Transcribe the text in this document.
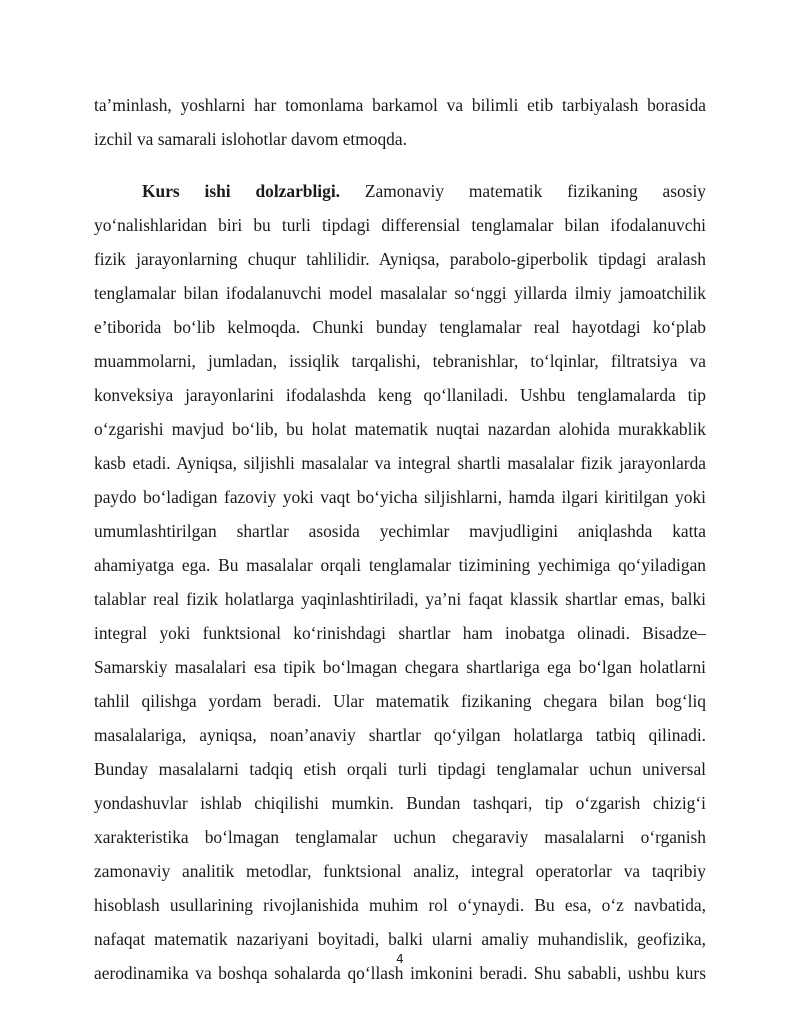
ta’minlash, yoshlarni har tomonlama barkamol va bilimli etib tarbiyalash borasida
izchil va samarali islohotlar davom etmoqda.
Kurs ishi dolzarbligi. Zamonaviy matematik fizikaning asosiy
yo‘nalishlaridan biri bu turli tipdagi differensial tenglamalar bilan ifodalanuvchi
fizik jarayonlarning chuqur tahlilidir. Ayniqsa, parabolo-giperbolik tipdagi aralash
tenglamalar bilan ifodalanuvchi model masalalar so‘nggi yillarda ilmiy jamoatchilik
e’tiborida bo‘lib kelmoqda. Chunki bunday tenglamalar real hayotdagi ko‘plab
muammolarni, jumladan, issiqlik tarqalishi, tebranishlar, to‘lqinlar, filtratsiya va
konveksiya jarayonlarini ifodalashda keng qo‘llaniladi. Ushbu tenglamalarda tip
o‘zgarishi mavjud bo‘lib, bu holat matematik nuqtai nazardan alohida murakkablik
kasb etadi. Ayniqsa, siljishli masalalar va integral shartli masalalar fizik jarayonlarda
paydo bo‘ladigan fazoviy yoki vaqt bo‘yicha siljishlarni, hamda ilgari kiritilgan yoki
umumlashtirilgan shartlar asosida yechimlar mavjudligini aniqlashda katta
ahamiyatga ega. Bu masalalar orqali tenglamalar tizimining yechimiga qo‘yiladigan
talablar real fizik holatlarga yaqinlashtiriladi, ya’ni faqat klassik shartlar emas, balki
integral yoki funktsional ko‘rinishdagi shartlar ham inobatga olinadi. Bisadze–
Samarskiy masalalari esa tipik bo‘lmagan chegara shartlariga ega bo‘lgan holatlarni
tahlil qilishga yordam beradi. Ular matematik fizikaning chegara bilan bog‘liq
masalalariga, ayniqsa, noan’anaviy shartlar qo‘yilgan holatlarga tatbiq qilinadi.
Bunday masalalarni tadqiq etish orqali turli tipdagi tenglamalar uchun universal
yondashuvlar ishlab chiqilishi mumkin. Bundan tashqari, tip o‘zgarish chizig‘i
xarakteristika bo‘lmagan tenglamalar uchun chegaraviy masalalarni o‘rganish
zamonaviy analitik metodlar, funktsional analiz, integral operatorlar va taqribiy
hisoblash usullarining rivojlanishida muhim rol o‘ynaydi. Bu esa, o‘z navbatida,
nafaqat matematik nazariyani boyitadi, balki ularni amaliy muhandislik, geofizika,
aerodinamika va boshqa sohalarda qo‘llash imkonini beradi. Shu sababli, ushbu kurs
4
